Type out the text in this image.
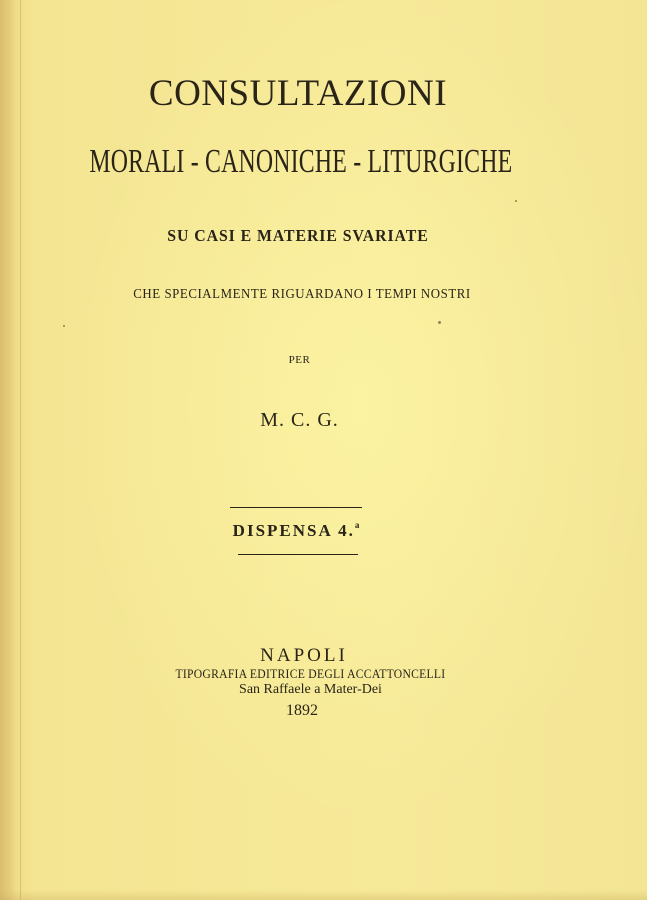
CONSULTAZIONI
MORALI - CANONICHE - LITURGICHE
SU CASI E MATERIE SVARIATE
CHE SPECIALMENTE RIGUARDANO I TEMPI NOSTRI
PER
M. C. G.
DISPENSA 4.$^a$
NAPOLI
TIPOGRAFIA EDITRICE DEGLI ACCATTONCELLI
San Raffaele a Mater-Dei
1892
